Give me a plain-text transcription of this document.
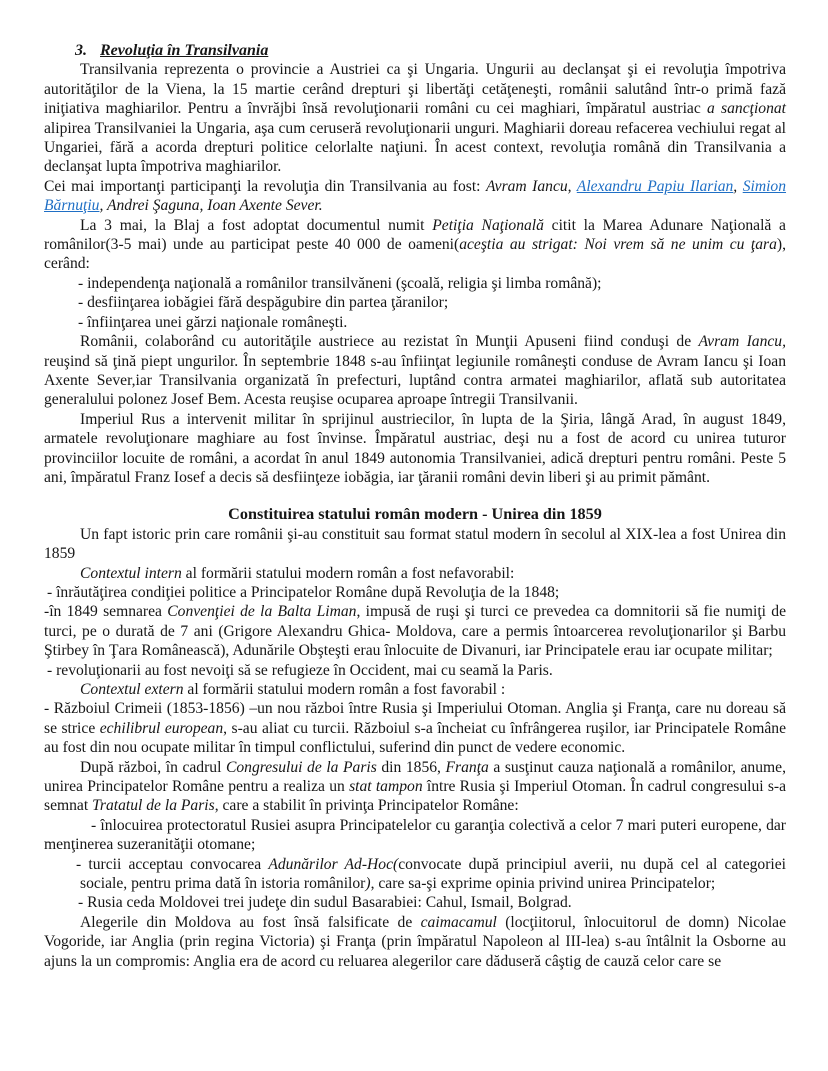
3. Revoluţia în Transilvania

Transilvania reprezenta o provincie a Austriei ca şi Ungaria. Ungurii au declanşat şi ei revoluţia împotriva autorităţilor de la Viena, la 15 martie cerând drepturi şi libertăţi cetăţeneşti, românii salutând într-o primă fază iniţiativa maghiarilor. Pentru a învrăjbi însă revoluţionarii români cu cei maghiari, împăratul austriac a sancţionat alipirea Transilvaniei la Ungaria, aşa cum ceruseră revoluţionarii unguri. Maghiarii doreau refacerea vechiului regat al Ungariei, fără a acorda drepturi politice celorlalte naţiuni. În acest context, revoluţia română din Transilvania a declanşat lupta împotriva maghiarilor.

Cei mai importanţi participanţi la revoluţia din Transilvania au fost: Avram Iancu, Alexandru Papiu Ilarian, Simion Bărnuţiu, Andrei Şaguna, Ioan Axente Sever.

La 3 mai, la Blaj a fost adoptat documentul numit Petiţia Naţională citit la Marea Adunare Naţională a românilor(3-5 mai) unde au participat peste 40 000 de oameni(aceştia au strigat: Noi vrem să ne unim cu ţara), cerând:

- independenţa naţională a românilor transilvăneni (şcoală, religia şi limba română);

- desfiinţarea iobăgiei fără despăgubire din partea ţăranilor;

- înfiinţarea unei gărzi naţionale româneşti.

Românii, colaborând cu autorităţile austriece au rezistat în Munţii Apuseni fiind conduşi de Avram Iancu, reuşind să ţină piept ungurilor. În septembrie 1848 s-au înfiinţat legiunile româneşti conduse de Avram Iancu şi Ioan Axente Sever,iar Transilvania organizată în prefecturi, luptând contra armatei maghiarilor, aflată sub autoritatea generalului polonez Josef Bem. Acesta reuşise ocuparea aproape întregii Transilvanii.

Imperiul Rus a intervenit militar în sprijinul austriecilor, în lupta de la Şiria, lângă Arad, în august 1849, armatele revoluţionare maghiare au fost învinse. Împăratul austriac, deşi nu a fost de acord cu unirea tuturor provinciilor locuite de români, a acordat în anul 1849 autonomia Transilvaniei, adică drepturi pentru români. Peste 5 ani, împăratul Franz Iosef a decis să desfiinţeze iobăgia, iar ţăranii români devin liberi şi au primit pământ.

Constituirea statului român modern - Unirea din 1859

Un fapt istoric prin care românii şi-au constituit sau format statul modern în secolul al XIX-lea a fost Unirea din 1859

Contextul intern al formării statului modern român a fost nefavorabil:

- înrăutăţirea condiţiei politice a Principatelor Române după Revoluţia de la 1848;

-în 1849 semnarea Convenţiei de la Balta Liman, impusă de ruşi şi turci ce prevedea ca domnitorii să fie numiţi de turci, pe o durată de 7 ani (Grigore Alexandru Ghica- Moldova, care a permis întoarcerea revoluţionarilor şi Barbu Ştirbey în Ţara Românească), Adunările Obşteşti erau înlocuite de Divanuri, iar Principatele erau iar ocupate militar;

- revoluţionarii au fost nevoiţi să se refugieze în Occident, mai cu seamă la Paris.

Contextul extern al formării statului modern român a fost favorabil :

- Războiul Crimeii (1853-1856) –un nou război între Rusia şi Imperiului Otoman. Anglia şi Franţa, care nu doreau să se strice echilibrul european, s-au aliat cu turcii. Războiul s-a încheiat cu înfrângerea ruşilor, iar Principatele Române au fost din nou ocupate militar în timpul conflictului, suferind din punct de vedere economic.

După război, în cadrul Congresului de la Paris din 1856, Franţa a susţinut cauza naţională a românilor, anume, unirea Principatelor Române pentru a realiza un stat tampon între Rusia şi Imperiul Otoman. În cadrul congresului s-a semnat Tratatul de la Paris, care a stabilit în privinţa Principatelor Române:

- înlocuirea protectoratul Rusiei asupra Principatelelor cu garanţia colectivă a celor 7 mari puteri europene, dar menţinerea suzeranităţii otomane;

- turcii acceptau convocarea Adunărilor Ad-Hoc(convocate după principiul averii, nu după cel al categoriei sociale, pentru prima dată în istoria românilor), care sa-şi exprime opinia privind unirea Principatelor;

- Rusia ceda Moldovei trei judeţe din sudul Basarabiei: Cahul, Ismail, Bolgrad.

Alegerile din Moldova au fost însă falsificate de caimacamul (locţiitorul, înlocuitorul de domn) Nicolae Vogoride, iar Anglia (prin regina Victoria) şi Franţa (prin împăratul Napoleon al III-lea) s-au întâlnit la Osborne au ajuns la un compromis: Anglia era de acord cu reluarea alegerilor care dăduseră câştig de cauză celor care se
